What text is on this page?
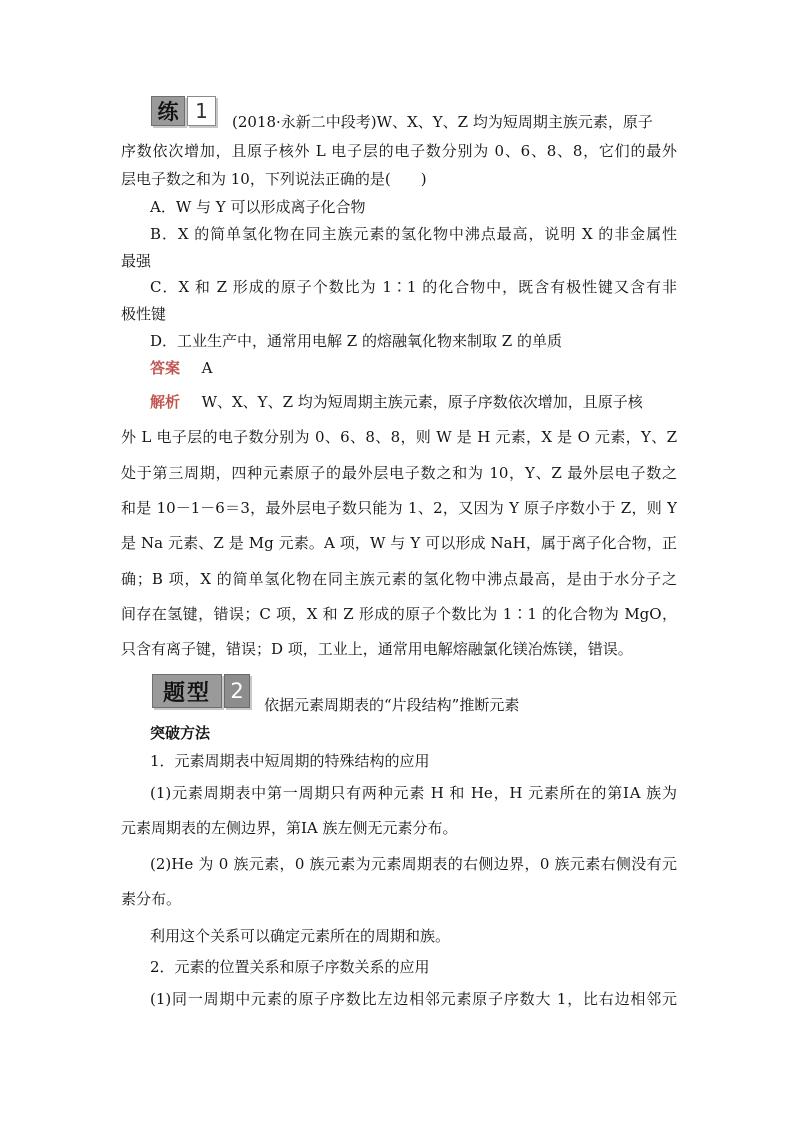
练 1	(2018·永新二中段考)W、X、Y、Z 均为短周期主族元素，原子
序数依次增加，且原子核外 L 电子层的电子数分别为 0、6、8、8，它们的最外
层电子数之和为 10，下列说法正确的是(　　)
A．W 与 Y 可以形成离子化合物
B．X 的简单氢化物在同主族元素的氢化物中沸点最高，说明 X 的非金属性
最强
C．X 和 Z 形成的原子个数比为 1∶1 的化合物中，既含有极性键又含有非
极性键
D．工业生产中，通常用电解 Z 的熔融氧化物来制取 Z 的单质
答案 A
解析 W、X、Y、Z 均为短周期主族元素，原子序数依次增加，且原子核
外 L 电子层的电子数分别为 0、6、8、8，则 W 是 H 元素，X 是 O 元素，Y、Z
处于第三周期，四种元素原子的最外层电子数之和为 10，Y、Z 最外层电子数之
和是 10－1－6＝3，最外层电子数只能为 1、2，又因为 Y 原子序数小于 Z，则 Y
是 Na 元素、Z 是 Mg 元素。A 项，W 与 Y 可以形成 NaH，属于离子化合物，正
确；B 项，X 的简单氢化物在同主族元素的氢化物中沸点最高，是由于水分子之
间存在氢键，错误；C 项，X 和 Z 形成的原子个数比为 1∶1 的化合物为 MgO，
只含有离子键，错误；D 项，工业上，通常用电解熔融氯化镁冶炼镁，错误。
题型 2
依据元素周期表的“片段结构”推断元素
突破方法
1．元素周期表中短周期的特殊结构的应用
(1)元素周期表中第一周期只有两种元素 H 和 He，H 元素所在的第ⅠA 族为
元素周期表的左侧边界，第ⅠA 族左侧无元素分布。
(2)He 为 0 族元素，0 族元素为元素周期表的右侧边界，0 族元素右侧没有元
素分布。
利用这个关系可以确定元素所在的周期和族。
2．元素的位置关系和原子序数关系的应用
(1)同一周期中元素的原子序数比左边相邻元素原子序数大 1，比右边相邻元
